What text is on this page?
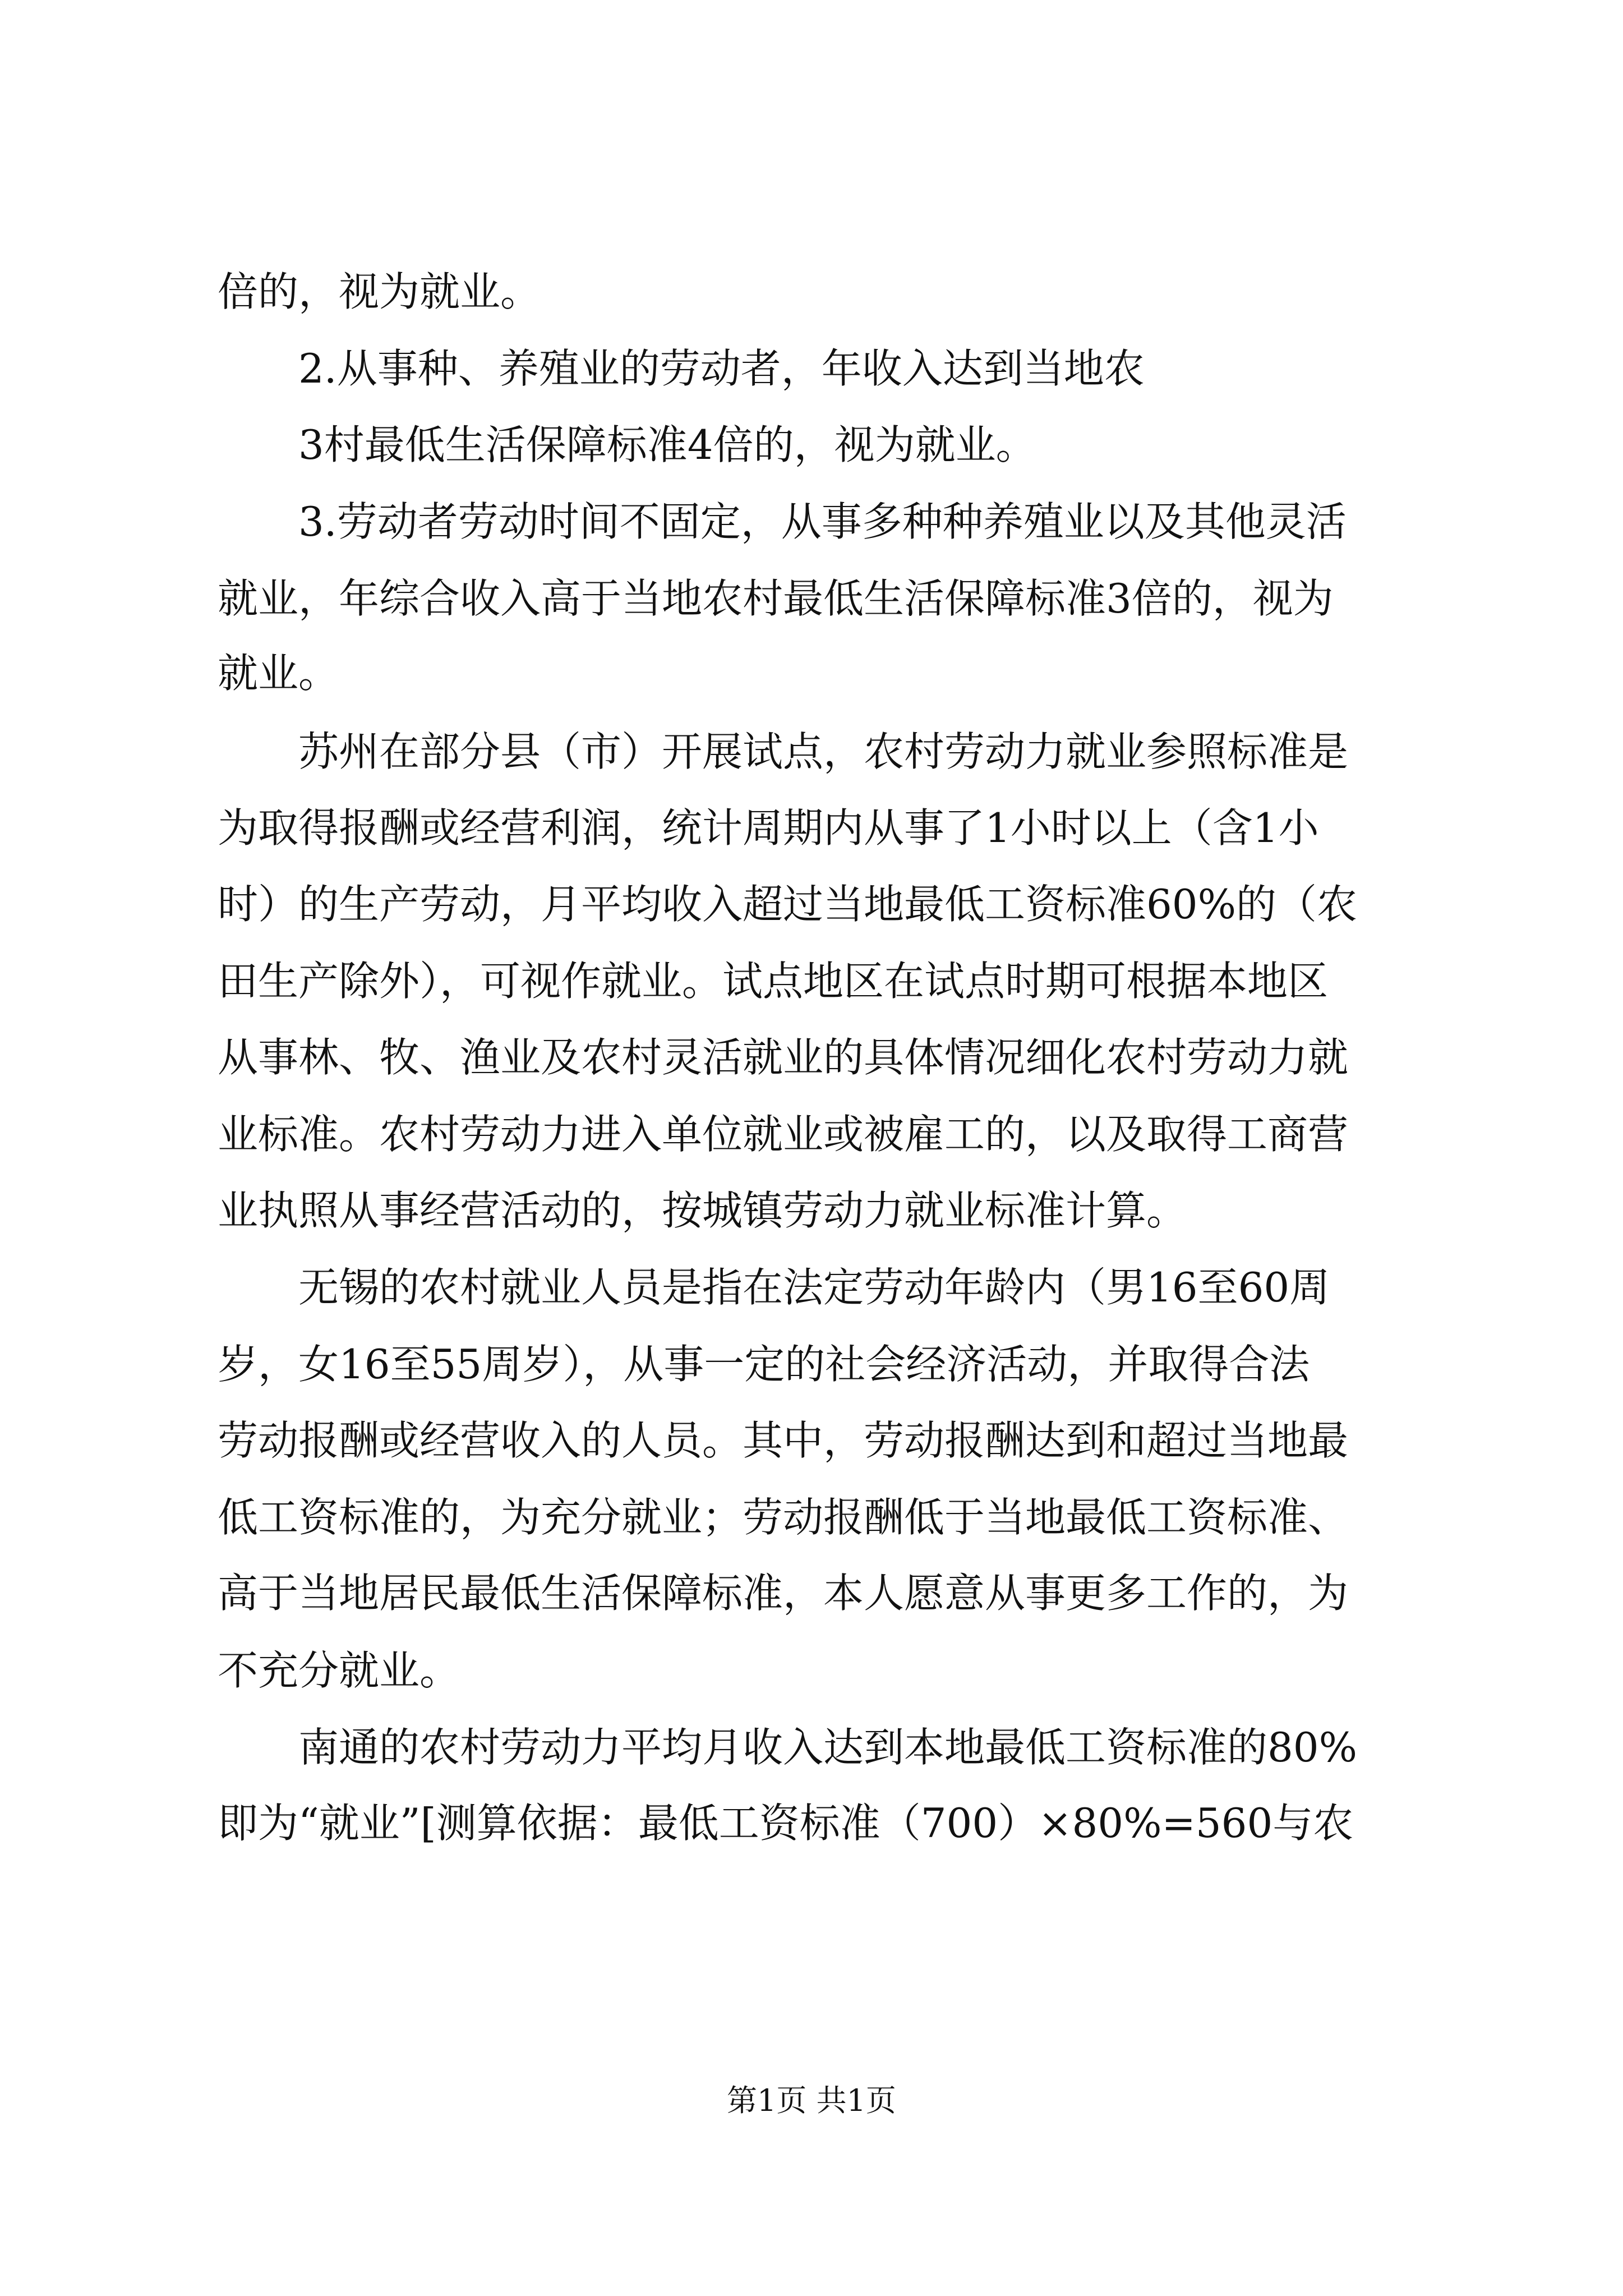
倍的，视为就业。
2.从事种、养殖业的劳动者，年收入达到当地农
3村最低生活保障标准4倍的，视为就业。
3.劳动者劳动时间不固定，从事多种种养殖业以及其他灵活
就业，年综合收入高于当地农村最低生活保障标准3倍的，视为
就业。
苏州在部分县（市）开展试点，农村劳动力就业参照标准是
为取得报酬或经营利润，统计周期内从事了1小时以上（含1小
时）的生产劳动，月平均收入超过当地最低工资标准60%的（农
田生产除外），可视作就业。试点地区在试点时期可根据本地区
从事林、牧、渔业及农村灵活就业的具体情况细化农村劳动力就
业标准。农村劳动力进入单位就业或被雇工的，以及取得工商营
业执照从事经营活动的，按城镇劳动力就业标准计算。
无锡的农村就业人员是指在法定劳动年龄内（男16至60周
岁，女16至55周岁），从事一定的社会经济活动，并取得合法
劳动报酬或经营收入的人员。其中，劳动报酬达到和超过当地最
低工资标准的，为充分就业；劳动报酬低于当地最低工资标准、
高于当地居民最低生活保障标准，本人愿意从事更多工作的，为
不充分就业。
南通的农村劳动力平均月收入达到本地最低工资标准的80%
即为“就业”[测算依据：最低工资标准（700）×80%=560与农
第1页 共1页
